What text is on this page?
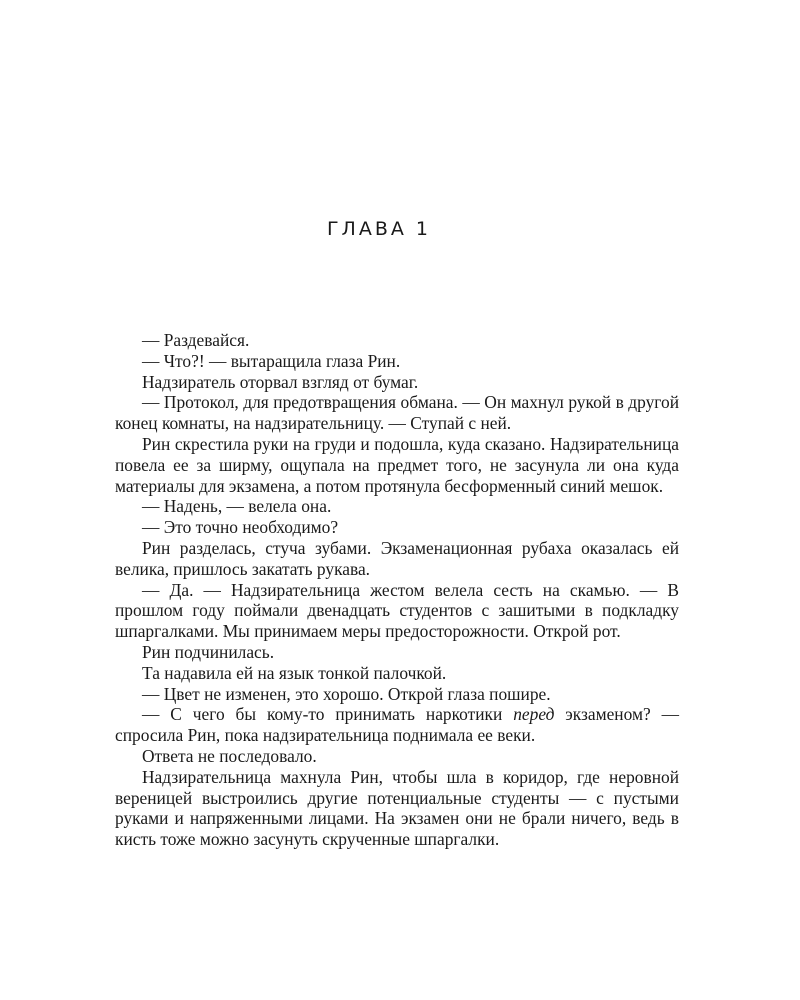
ГЛАВА 1

— Раздевайся.

— Что?! — вытаращила глаза Рин.

Надзиратель оторвал взгляд от бумаг.

— Протокол, для предотвращения обмана. — Он махнул рукой в другой конец комнаты, на надзирательницу. — Ступай с ней.

Рин скрестила руки на груди и подошла, куда сказано. Надзирательница повела ее за ширму, ощупала на предмет того, не засунула ли она куда материалы для экзамена, а потом протянула бесформенный синий мешок.

— Надень, — велела она.

— Это точно необходимо?

Рин разделась, стуча зубами. Экзаменационная рубаха оказалась ей велика, пришлось закатать рукава.

— Да. — Надзирательница жестом велела сесть на скамью. — В прошлом году поймали двенадцать студентов с зашитыми в подкладку шпаргалками. Мы принимаем меры предосторожности. Открой рот.

Рин подчинилась.

Та надавила ей на язык тонкой палочкой.

— Цвет не изменен, это хорошо. Открой глаза пошире.

— С чего бы кому-то принимать наркотики перед экзаменом? — спросила Рин, пока надзирательница поднимала ее веки.

Ответа не последовало.

Надзирательница махнула Рин, чтобы шла в коридор, где неровной вереницей выстроились другие потенциальные студенты — с пустыми руками и напряженными лицами. На экзамен они не брали ничего, ведь в кисть тоже можно засунуть скрученные шпаргалки.
